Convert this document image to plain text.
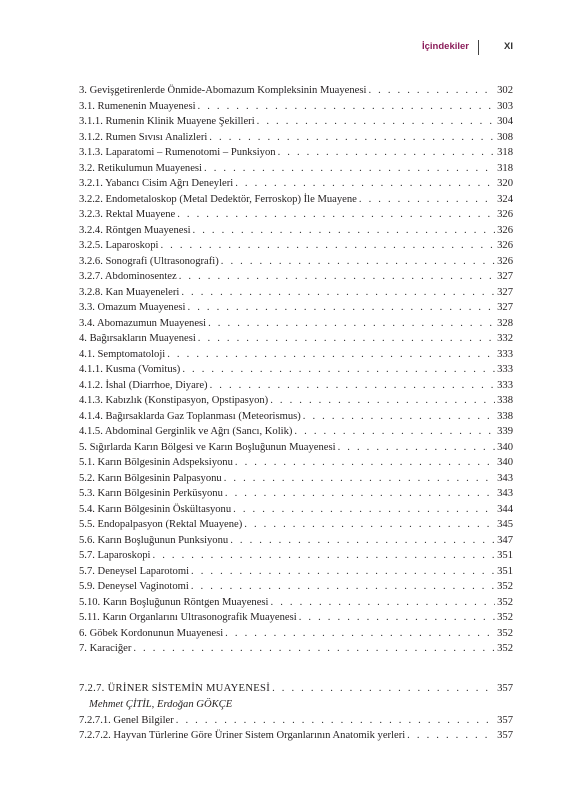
İçindekiler	XI
3. Gevişgetirenlerde Önmide-Abomazum Kompleksinin Muayenesi . . .	302
3.1. Rumenenin Muayenesi . . .	303
3.1.1. Rumenin Klinik Muayene Şekilleri . . .	304
3.1.2. Rumen Sıvısı Analizleri . . .	308
3.1.3. Laparatomi – Rumenotomi – Punksiyon . . .	318
3.2. Retikulumun Muayenesi . . .	318
3.2.1. Yabancı Cisim Ağrı Deneyleri . . .	320
3.2.2. Endometaloskop (Metal Dedektör, Ferroskop) İle Muayene . . .	324
3.2.3. Rektal Muayene . . .	326
3.2.4. Röntgen Muayenesi . . .	326
3.2.5. Laparoskopi . . .	326
3.2.6. Sonografi (Ultrasonografi) . . .	326
3.2.7. Abdominosentez . . .	327
3.2.8. Kan Muayeneleri . . .	327
3.3. Omazum Muayenesi . . .	327
3.4. Abomazumun Muayenesi . . .	328
4. Bağırsakların Muayenesi . . .	332
4.1. Semptomatoloji . . .	333
4.1.1. Kusma (Vomitus) . . .	333
4.1.2. İshal (Diarrhoe, Diyare) . . .	333
4.1.3. Kabızlık (Konstipasyon, Opstipasyon) . . .	338
4.1.4. Bağırsaklarda Gaz Toplanması (Meteorismus) . . .	338
4.1.5. Abdominal Gerginlik ve Ağrı (Sancı, Kolik) . . .	339
5. Sığırlarda Karın Bölgesi ve Karın Boşluğunun Muayenesi . . .	340
5.1. Karın Bölgesinin Adspeksiyonu . . .	340
5.2. Karın Bölgesinin Palpasyonu . . .	343
5.3. Karın Bölgesinin Perküsyonu . . .	343
5.4. Karın Bölgesinin Öskültasyonu . . .	344
5.5. Endopalpasyon (Rektal Muayene) . . .	345
5.6. Karın Boşluğunun Punksiyonu . . .	347
5.7. Laparoskopi . . .	351
5.7. Deneysel Laparotomi . . .	351
5.9. Deneysel Vaginotomi . . .	352
5.10. Karın Boşluğunun Röntgen Muayenesi . . .	352
5.11. Karın Organlarını Ultrasonografik Muayenesi . . .	352
6. Göbek Kordonunun Muayenesi . . .	352
7. Karaciğer . . .	352
7.2.7. ÜRİNER SİSTEMİN MUAYENESİ . . .	357
Mehmet ÇİTİL, Erdoğan GÖKÇE
7.2.7.1. Genel Bilgiler . . .	357
7.2.7.2. Hayvan Türlerine Göre Üriner Sistem Organlarının Anatomik yerleri . . .	357
